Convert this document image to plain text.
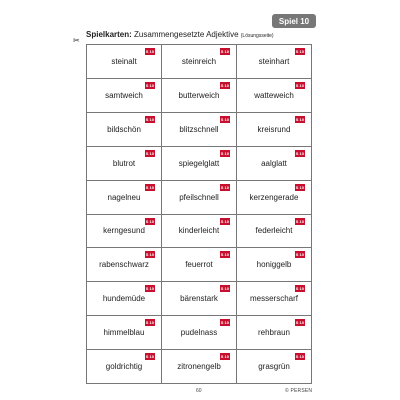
Spiel 10
Spielkarten: Zusammengesetzte Adjektive (Lösungsseite)
✂
S 10
steinalt
S 10
steinreich
S 10
steinhart
S 10
samtweich
S 10
butterweich
S 10
watteweich
S 10
bildschön
S 10
blitzschnell
S 10
kreisrund
S 10
blutrot
S 10
spiegelglatt
S 10
aalglatt
S 10
nagelneu
S 10
pfeilschnell
S 10
kerzengerade
S 10
kerngesund
S 10
kinderleicht
S 10
federleicht
S 10
rabenschwarz
S 10
feuerrot
S 10
honiggelb
S 10
hundemüde
S 10
bärenstark
S 10
messerscharf
S 10
himmelblau
S 10
pudelnass
S 10
rehbraun
S 10
goldrichtig
S 10
zitronengelb
S 10
grasgrün
60	© PERSEN
